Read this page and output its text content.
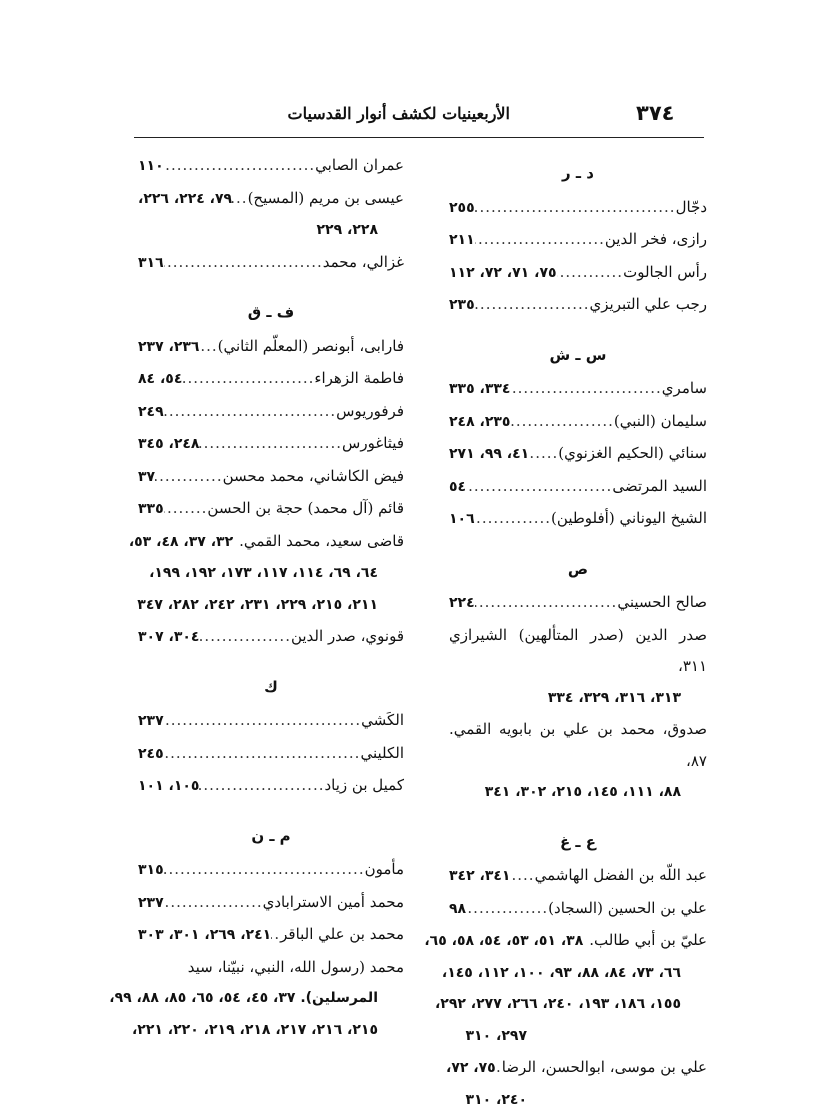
٣٧٤
الأربعينيات لكشف أنوار القدسيات
د ـ ر
دجّال
.....
٢٥٥
رازی، فخر الدین
.....
٢١١
رأس الجالوت
.....
٧٥، ٧١، ٧٢، ١١٢
رجب علي التبريزي
.....
٢٣٥
س ـ ش
سامري
.....
٣٣٤، ٣٣٥
سليمان (النبي)
.....
٢٣٥، ٢٤٨
سنائي (الحكيم الغزنوي)
.....
٤١، ٩٩، ٢٧١
السيد المرتضى
.....
٥٤
الشيخ اليوناني (أفلوطين)
.....
١٠٦
ص
صالح الحسيني
.....
٢٢٤
صدر الدين (صدر المتألهين) الشيرازي ٣١١،
٣١٣، ٣١٦، ٣٢٩، ٣٣٤
صدوق، محمد بن علي بن بابويه القمي. ٨٧،
٨٨، ١١١، ١٤٥، ٢١٥، ٣٠٢، ٣٤١
ع ـ غ
عبد اللّه بن الفضل الهاشمي
.....
٣٤١، ٣٤٢
علي بن الحسين (السجاد)
.....
٩٨
عليّ بن أبي طالب.
٣٨، ٥١، ٥٣، ٥٤، ٥٨، ٦٥،
٦٦، ٧٣، ٨٤، ٨٨، ٩٣، ١٠٠، ١١٢، ١٤٥،
١٥٥، ١٨٦، ١٩٣، ٢٤٠، ٢٦٦، ٢٧٧، ٢٩٢،
٢٩٧، ٣١٠
علي بن موسی، ابوالحسن، الرضا
.....
٧٥، ٧٢،
٢٤٠، ٣١٠
عمران الصابي
.....
١١٠
عيسى بن مريم (المسيح)
.....
٧٩، ٢٢٤، ٢٢٦،
٢٢٨، ٢٢٩
غزالي، محمد
.....
٣١٦
ف ـ ق
فارابی، أبونصر (المعلّم الثاني)
.....
٢٣٦، ٢٣٧
فاطمة الزهراء
.....
٥٤، ٨٤
فرفوريوس
.....
٢٤٩
فيثاغورس
.....
٢٤٨، ٣٤٥
فيض الكاشاني، محمد محسن
.....
٣٧
قائم (آل محمد) حجة بن الحسن
.....
٣٣٥
قاضی سعید، محمد القمي.
٣٢، ٣٧، ٤٨، ٥٣،
٦٤، ٦٩، ١١٤، ١١٧، ١٧٣، ١٩٢، ١٩٩،
٢١١، ٢١٥، ٢٢٩، ٢٣١، ٢٤٢، ٢٨٢، ٣٤٧
قونوي، صدر الدين
.....
٣٠٤، ٣٠٧
ك
الكَشي
.....
٢٣٧
الكليني
.....
٢٤٥
كميل بن زياد
.....
١٠٥، ١٠١
م ـ ن
مأمون
.....
٣١٥
محمد أمين الاسترابادي
.....
٢٣٧
محمد بن علي الباقر
.....
٢٤١، ٢٦٩، ٣٠١، ٣٠٣
محمد (رسول الله، النبي، نبيّنا، سيد
المرسلين). ٣٧، ٤٥، ٥٤، ٦٥، ٨٥، ٨٨، ٩٩،
٢١٥، ٢١٦، ٢١٧، ٢١٨، ٢١٩، ٢٢٠، ٢٢١،
